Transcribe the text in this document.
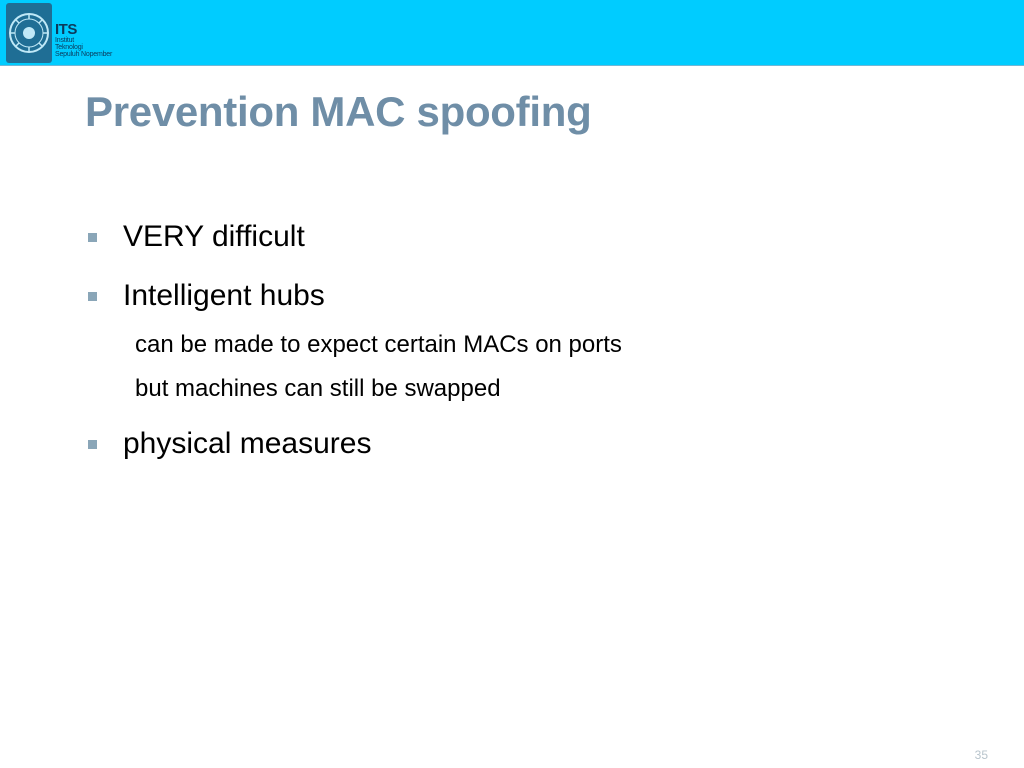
ITS
Institut
Teknologi
Sepuluh Nopember
Prevention MAC spoofing
VERY difficult
Intelligent hubs
can be made to expect certain MACs on ports
but machines can still be swapped
physical measures
35
